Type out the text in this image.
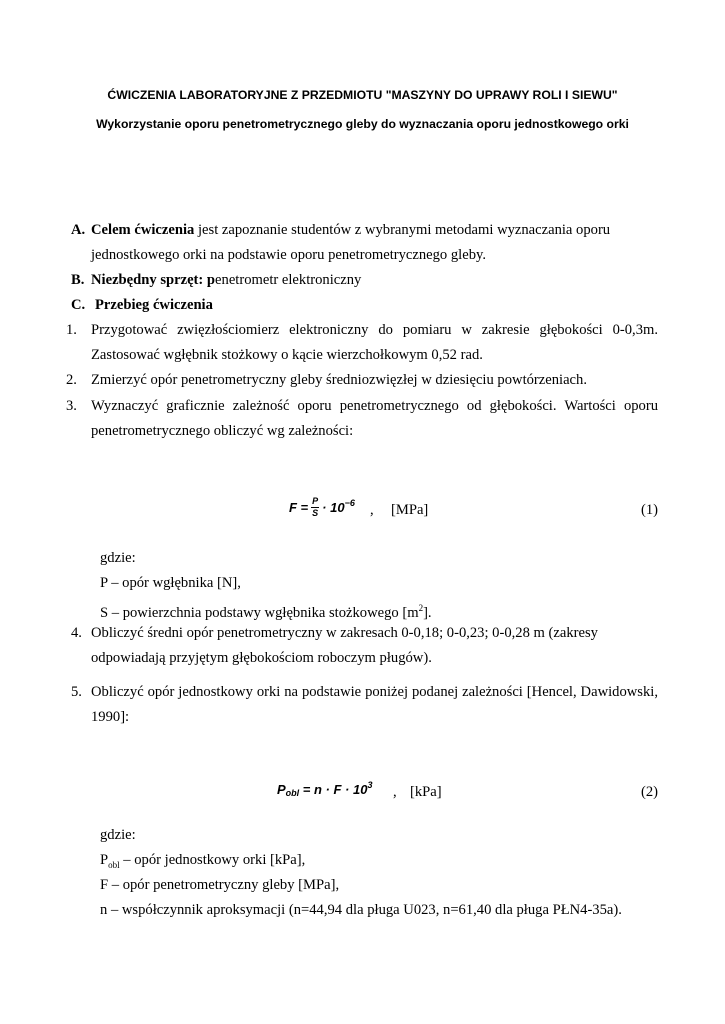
ĆWICZENIA LABORATORYJNE Z PRZEDMIOTU "MASZYNY DO UPRAWY ROLI I SIEWU"
Wykorzystanie oporu penetrometrycznego gleby do wyznaczania oporu jednostkowego orki
A. Celem ćwiczenia jest zapoznanie studentów z wybranymi metodami wyznaczania oporu
jednostkowego orki na podstawie oporu penetrometrycznego gleby.
B. Niezbędny sprzęt: penetrometr elektroniczny
C. Przebieg ćwiczenia
1. Przygotować zwięzłościomierz elektroniczny do pomiaru w zakresie głębokości 0-0,3m.
Zastosować wgłębnik stożkowy o kącie wierzchołkowym 0,52 rad.
2. Zmierzyć opór penetrometryczny gleby średniozwięzłej w dziesięciu powtórzeniach.
3. Wyznaczyć graficznie zależność oporu penetrometrycznego od głębokości. Wartości oporu
penetrometrycznego obliczyć wg zależności:
$F = \frac{P}{S} \cdot 10^{-6}$ , [MPa]	(1)
gdzie:
P – opór wgłębnika [N],
S – powierzchnia podstawy wgłębnika stożkowego $[m^2]$.
4. Obliczyć średni opór penetrometryczny w zakresach 0-0,18; 0-0,23; 0-0,28 m (zakresy
odpowiadają przyjętym głębokościom roboczym pługów).
5. Obliczyć opór jednostkowy orki na podstawie poniżej podanej zależności [Hencel, Dawidowski,
1990]:
$P_{obl} = n \cdot F \cdot 10^3$ , [kPa]	(2)
gdzie:
$P_{obl}$ – opór jednostkowy orki [kPa],
F – opór penetrometryczny gleby [MPa],
n – współczynnik aproksymacji (n=44,94 dla pługa U023, n=61,40 dla pługa PŁN4-35a).
